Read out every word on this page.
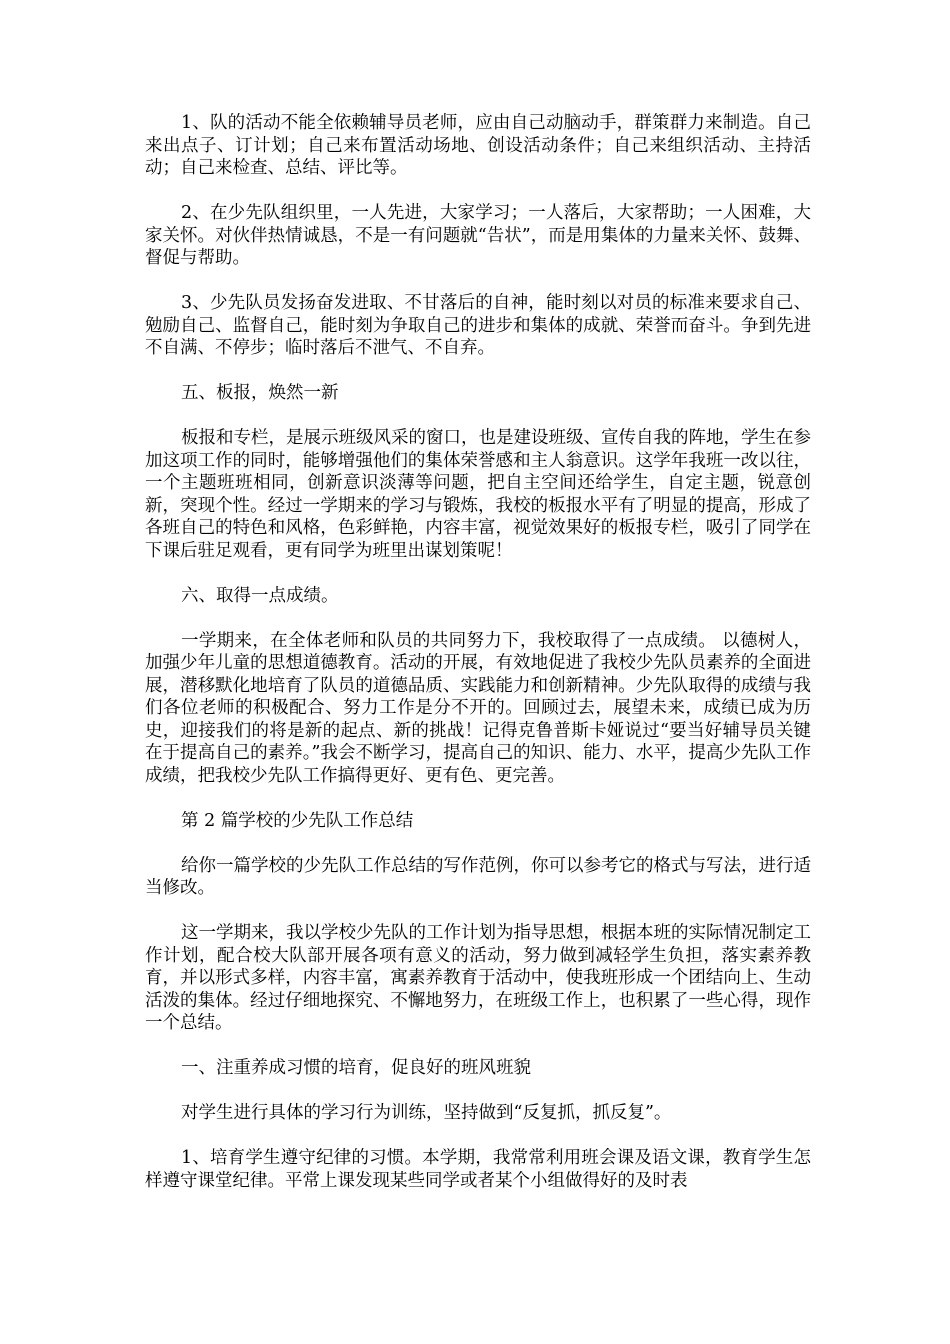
1、队的活动不能全依赖辅导员老师，应由自己动脑动手，群策群力来制造。自己来出点子、订计划；自己来布置活动场地、创设活动条件；自己来组织活动、主持活动；自己来检查、总结、评比等。

2、在少先队组织里，一人先进，大家学习；一人落后，大家帮助；一人困难，大家关怀。对伙伴热情诚恳，不是一有问题就“告状”，而是用集体的力量来关怀、鼓舞、督促与帮助。

3、少先队员发扬奋发进取、不甘落后的自神，能时刻以对员的标准来要求自己、勉励自己、监督自己，能时刻为争取自己的进步和集体的成就、荣誉而奋斗。争到先进不自满、不停步；临时落后不泄气、不自弃。

五、板报，焕然一新

板报和专栏，是展示班级风采的窗口，也是建设班级、宣传自我的阵地，学生在参加这项工作的同时，能够增强他们的集体荣誉感和主人翁意识。这学年我班一改以往，一个主题班班相同，创新意识淡薄等问题，把自主空间还给学生，自定主题，锐意创新，突现个性。经过一学期来的学习与锻炼，我校的板报水平有了明显的提高，形成了各班自己的特色和风格，色彩鲜艳，内容丰富，视觉效果好的板报专栏，吸引了同学在下课后驻足观看，更有同学为班里出谋划策呢！

六、取得一点成绩。

一学期来，在全体老师和队员的共同努力下，我校取得了一点成绩。 以德树人，加强少年儿童的思想道德教育。活动的开展，有效地促进了我校少先队员素养的全面进展，潜移默化地培育了队员的道德品质、实践能力和创新精神。少先队取得的成绩与我们各位老师的积极配合、努力工作是分不开的。回顾过去，展望未来，成绩已成为历史，迎接我们的将是新的起点、新的挑战！记得克鲁普斯卡娅说过“要当好辅导员关键在于提高自己的素养。”我会不断学习，提高自己的知识、能力、水平，提高少先队工作成绩，把我校少先队工作搞得更好、更有色、更完善。

第 2 篇学校的少先队工作总结

给你一篇学校的少先队工作总结的写作范例，你可以参考它的格式与写法，进行适当修改。

这一学期来，我以学校少先队的工作计划为指导思想，根据本班的实际情况制定工作计划，配合校大队部开展各项有意义的活动，努力做到减轻学生负担，落实素养教育，并以形式多样，内容丰富，寓素养教育于活动中，使我班形成一个团结向上、生动活泼的集体。经过仔细地探究、不懈地努力，在班级工作上，也积累了一些心得，现作一个总结。

一、注重养成习惯的培育，促良好的班风班貌

对学生进行具体的学习行为训练，坚持做到“反复抓，抓反复”。

1、培育学生遵守纪律的习惯。本学期，我常常利用班会课及语文课，教育学生怎样遵守课堂纪律。平常上课发现某些同学或者某个小组做得好的及时表
